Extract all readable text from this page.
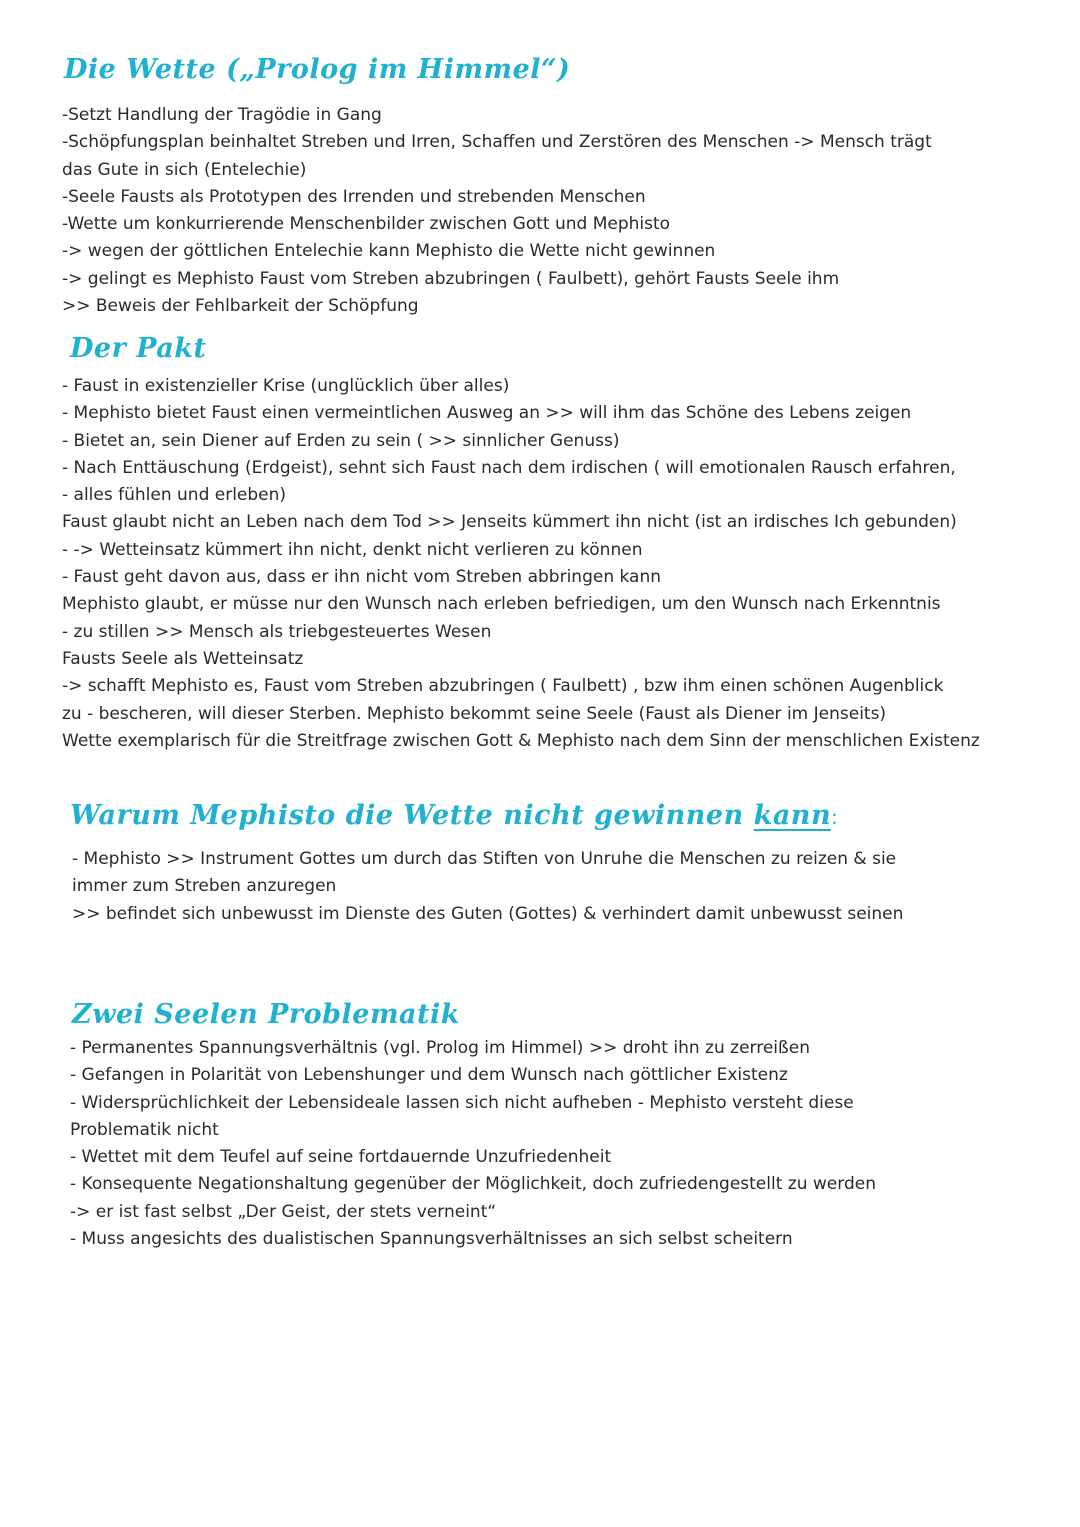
Die Wette („Prolog im Himmel“)
-Setzt Handlung der Tragödie in Gang
-Schöpfungsplan beinhaltet Streben und Irren, Schaffen und Zerstören des Menschen -> Mensch trägt das Gute in sich (Entelechie)
-Seele Fausts als Prototypen des Irrenden und strebenden Menschen
-Wette um konkurrierende Menschenbilder zwischen Gott und Mephisto
-> wegen der göttlichen Entelechie kann Mephisto die Wette nicht gewinnen
-> gelingt es Mephisto Faust vom Streben abzubringen ( Faulbett), gehört Fausts Seele ihm
>> Beweis der Fehlbarkeit der Schöpfung
Der Pakt
- Faust in existenzieller Krise (unglücklich über alles)
- Mephisto bietet Faust einen vermeintlichen Ausweg an >> will ihm das Schöne des Lebens zeigen
- Bietet an, sein Diener auf Erden zu sein ( >> sinnlicher Genuss)
- Nach Enttäuschung (Erdgeist), sehnt sich Faust nach dem irdischen ( will emotionalen Rausch erfahren,
- alles fühlen und erleben)
Faust glaubt nicht an Leben nach dem Tod >> Jenseits kümmert ihn nicht (ist an irdisches Ich gebunden)
- -> Wetteinsatz kümmert ihn nicht, denkt nicht verlieren zu können
- Faust geht davon aus, dass er ihn nicht vom Streben abbringen kann
Mephisto glaubt, er müsse nur den Wunsch nach erleben befriedigen, um den Wunsch nach Erkenntnis
- zu stillen >> Mensch als triebgesteuertes Wesen
Fausts Seele als Wetteinsatz
-> schafft Mephisto es, Faust vom Streben abzubringen ( Faulbett) , bzw ihm einen schönen Augenblick zu - bescheren, will dieser Sterben. Mephisto bekommt seine Seele (Faust als Diener im Jenseits)
Wette exemplarisch für die Streitfrage zwischen Gott & Mephisto nach dem Sinn der menschlichen Existenz
Warum Mephisto die Wette nicht gewinnen kann:
- Mephisto >> Instrument Gottes um durch das Stiften von Unruhe die Menschen zu reizen & sie immer zum Streben anzuregen
>> befindet sich unbewusst im Dienste des Guten (Gottes) & verhindert damit unbewusst seinen
Zwei Seelen Problematik
- Permanentes Spannungsverhältnis (vgl. Prolog im Himmel) >> droht ihn zu zerreißen
- Gefangen in Polarität von Lebenshunger und dem Wunsch nach göttlicher Existenz
- Widersprüchlichkeit der Lebensideale lassen sich nicht aufheben - Mephisto versteht diese Problematik nicht
- Wettet mit dem Teufel auf seine fortdauernde Unzufriedenheit
- Konsequente Negationshaltung gegenüber der Möglichkeit, doch zufriedengestellt zu werden
-> er ist fast selbst „Der Geist, der stets verneint“
- Muss angesichts des dualistischen Spannungsverhältnisses an sich selbst scheitern
